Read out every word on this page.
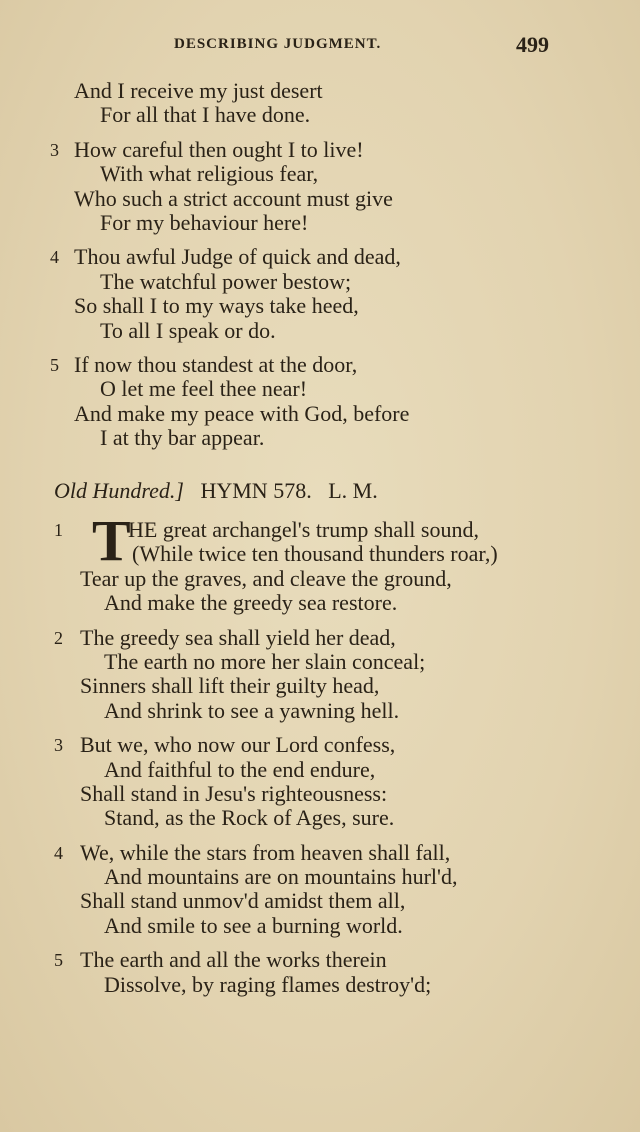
DESCRIBING JUDGMENT.	499
And I receive my just desert
For all that I have done.
3 How careful then ought I to live!
With what religious fear,
Who such a strict account must give
For my behaviour here!
4 Thou awful Judge of quick and dead,
The watchful power bestow;
So shall I to my ways take heed,
To all I speak or do.
5 If now thou standest at the door,
O let me feel thee near!
And make my peace with God, before
I at thy bar appear.
Old Hundred.] HYMN 578. L. M.
1 T
HE great archangel's trump shall sound,
(While twice ten thousand thunders roar,)
Tear up the graves, and cleave the ground,
And make the greedy sea restore.
2 The greedy sea shall yield her dead,
The earth no more her slain conceal;
Sinners shall lift their guilty head,
And shrink to see a yawning hell.
3 But we, who now our Lord confess,
And faithful to the end endure,
Shall stand in Jesu's righteousness:
Stand, as the Rock of Ages, sure.
4 We, while the stars from heaven shall fall,
And mountains are on mountains hurl'd,
Shall stand unmov'd amidst them all,
And smile to see a burning world.
5 The earth and all the works therein
Dissolve, by raging flames destroy'd;
